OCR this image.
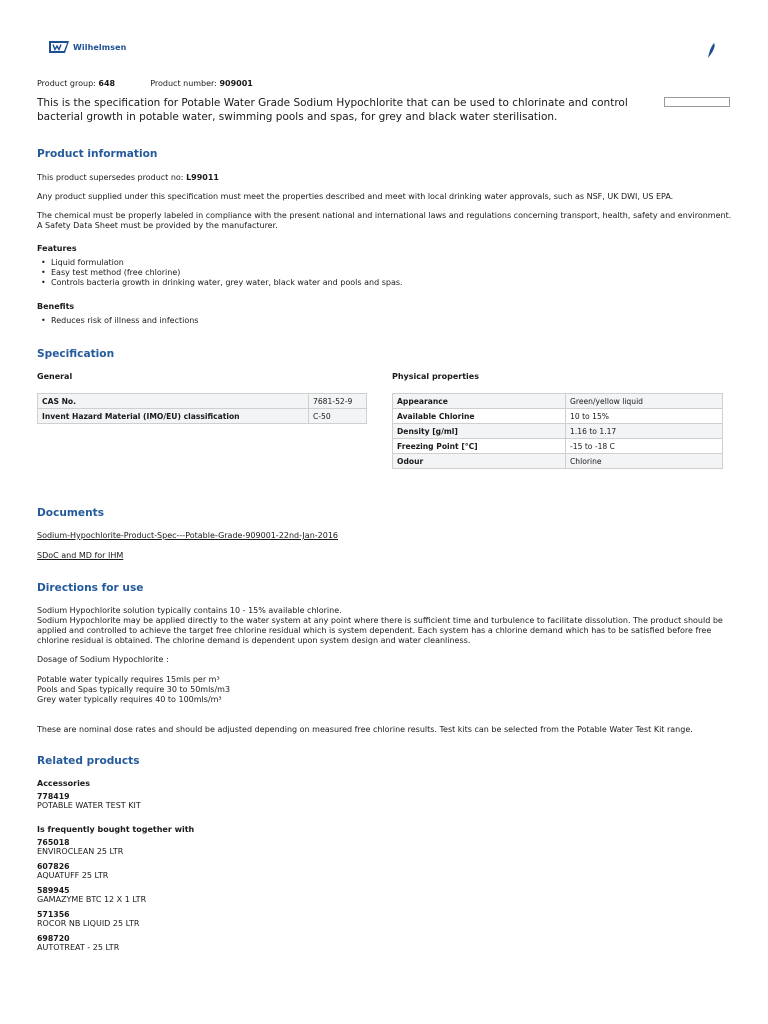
Wilhelmsen
Product group: 648	Product number: 909001
This is the specification for Potable Water Grade Sodium Hypochlorite that can be used to chlorinate and control bacterial growth in potable water, swimming pools and spas, for grey and black water sterilisation.
Product information

This product supersedes product no: L99011

Any product supplied under this specification must meet the properties described and meet with local drinking water approvals, such as NSF, UK DWI, US EPA.

The chemical must be properly labeled in compliance with the present national and international laws and regulations concerning transport, health, safety and environment. A Safety Data Sheet must be provided by the manufacturer.

Features
• Liquid formulation
• Easy test method (free chlorine)
• Controls bacteria growth in drinking water, grey water, black water and pools and spas.
Benefits
• Reduces risk of illness and infections
Specification
General
CAS No.	7681-52-9
Invent Hazard Material (IMO/EU) classification	C-50
Physical properties
Appearance	Green/yellow liquid
Available Chlorine	10 to 15%
Density [g/ml]	1.16 to 1.17
Freezing Point [°C]	-15 to -18 C
Odour	Chlorine
Documents
Sodium-Hypochlorite-Product-Spec---Potable-Grade-909001-22nd-Jan-2016
SDoC and MD for IHM
Directions for use

Sodium Hypochlorite solution typically contains 10 - 15% available chlorine.

Sodium Hypochlorite may be applied directly to the water system at any point where there is sufficient time and turbulence to facilitate dissolution. The product should be applied and controlled to achieve the target free chlorine residual which is system dependent. Each system has a chlorine demand which has to be satisfied before free chlorine residual is obtained. The chlorine demand is dependent upon system design and water cleanliness.

Dosage of Sodium Hypochlorite :

Potable water typically requires 15mls per m³

Pools and Spas typically require 30 to 50mls/m3

Grey water typically requires 40 to 100mls/m³

These are nominal dose rates and should be adjusted depending on measured free chlorine results. Test kits can be selected from the Potable Water Test Kit range.

Related products
Accessories
778419
POTABLE WATER TEST KIT
Is frequently bought together with
765018
ENVIROCLEAN 25 LTR
607826
AQUATUFF 25 LTR
589945
GAMAZYME BTC 12 X 1 LTR
571356
ROCOR NB LIQUID 25 LTR
698720
AUTOTREAT - 25 LTR
